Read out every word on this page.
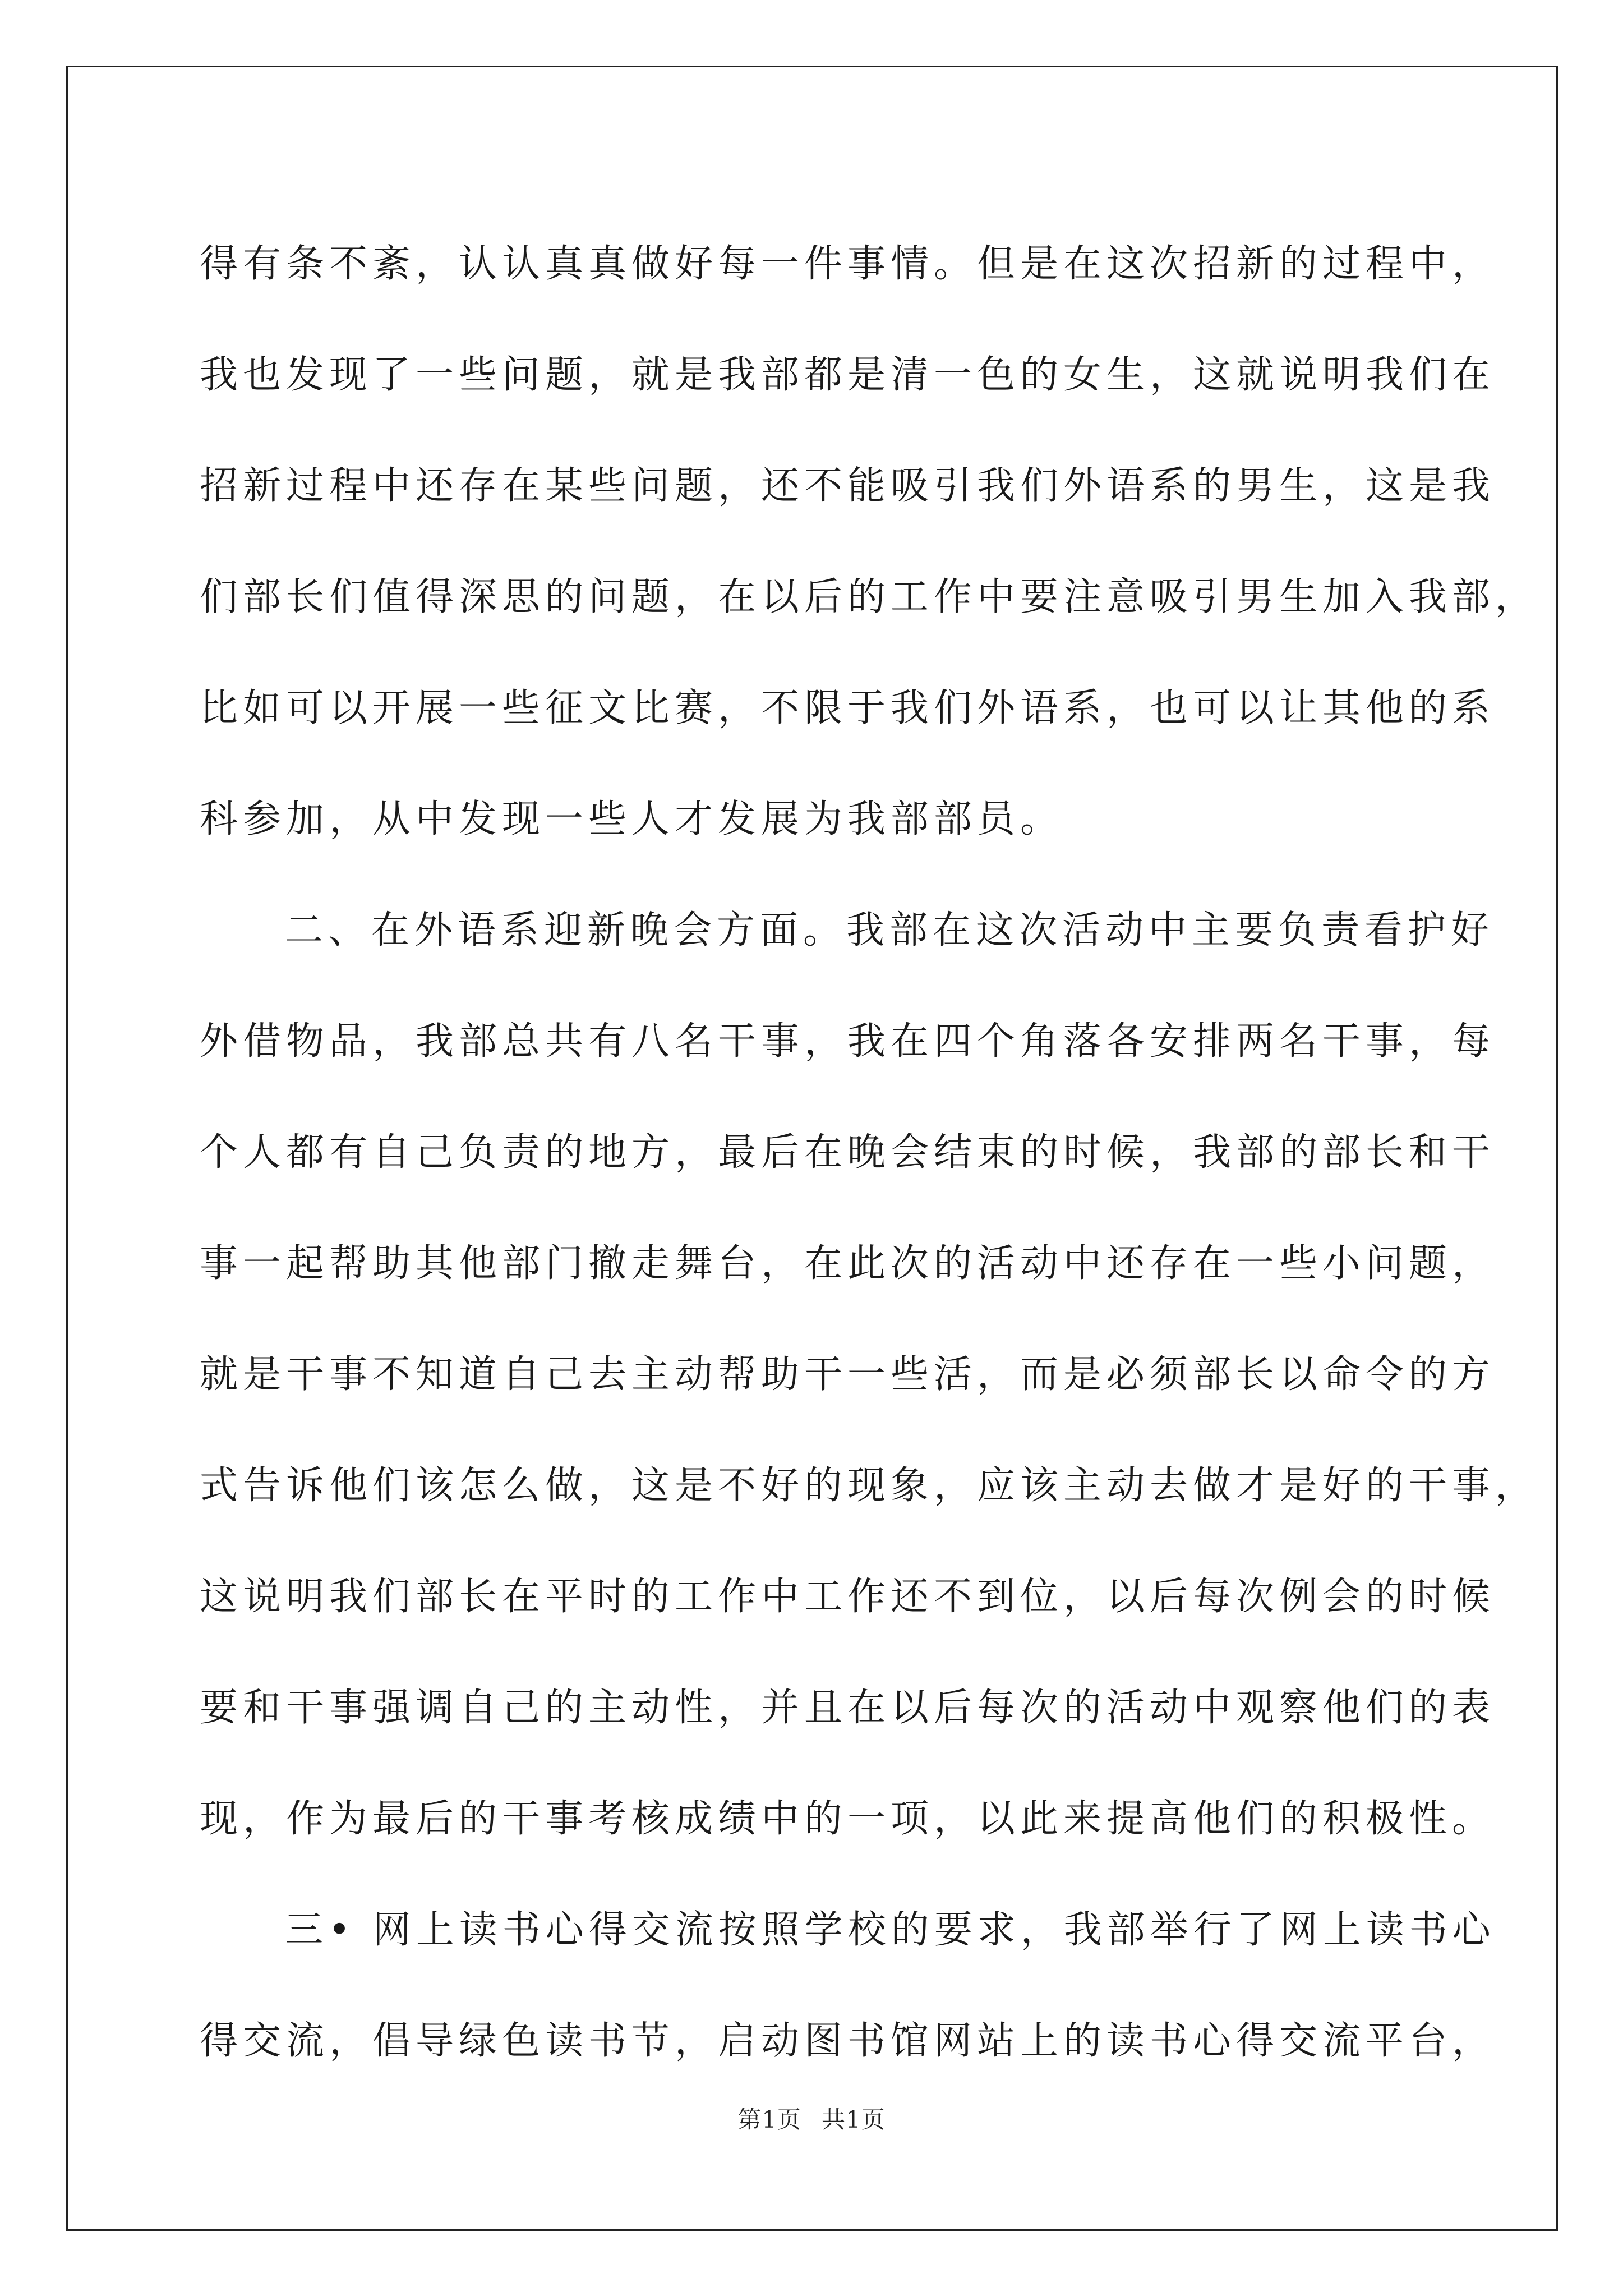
得有条不紊，认认真真做好每一件事情。但是在这次招新的过程中，
我也发现了一些问题，就是我部都是清一色的女生，这就说明我们在
招新过程中还存在某些问题，还不能吸引我们外语系的男生，这是我
们部长们值得深思的问题，在以后的工作中要注意吸引男生加入我部，
比如可以开展一些征文比赛，不限于我们外语系，也可以让其他的系
科参加，从中发现一些人才发展为我部部员。
二、在外语系迎新晚会方面。我部在这次活动中主要负责看护好
外借物品，我部总共有八名干事，我在四个角落各安排两名干事，每
个人都有自己负责的地方，最后在晚会结束的时候，我部的部长和干
事一起帮助其他部门撤走舞台，在此次的活动中还存在一些小问题，
就是干事不知道自己去主动帮助干一些活，而是必须部长以命令的方
式告诉他们该怎么做，这是不好的现象，应该主动去做才是好的干事，
这说明我们部长在平时的工作中工作还不到位，以后每次例会的时候
要和干事强调自己的主动性，并且在以后每次的活动中观察他们的表
现，作为最后的干事考核成绩中的一项，以此来提高他们的积极性。
三• 网上读书心得交流按照学校的要求，我部举行了网上读书心
得交流，倡导绿色读书节，启动图书馆网站上的读书心得交流平台，
第1页 共1页
